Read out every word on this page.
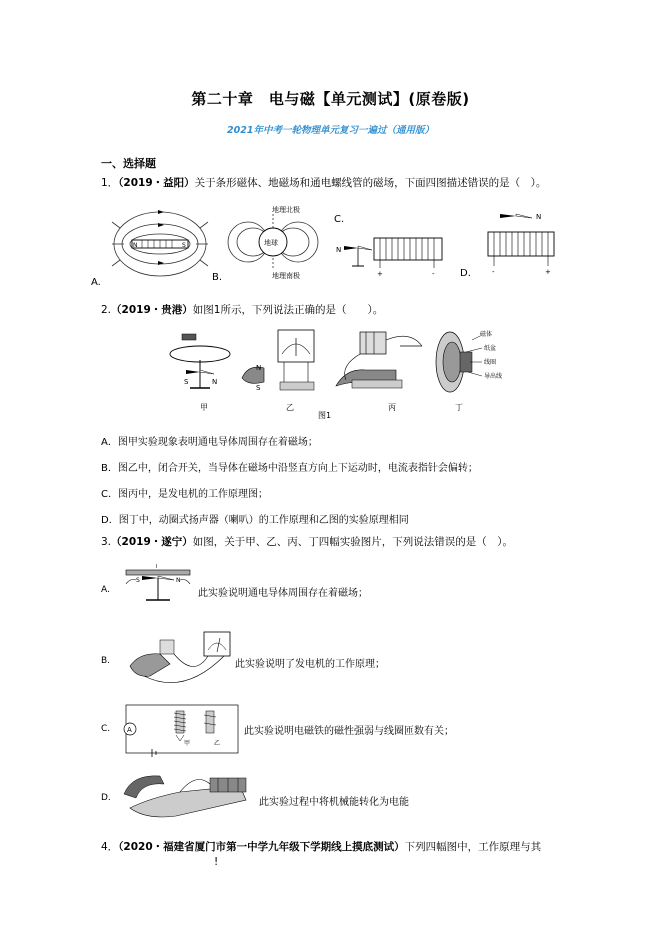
第二十章　电与磁【单元测试】(原卷版)
2021年中考一轮物理单元复习一遍过（通用版）
一、选择题
1．（2019・益阳）关于条形磁体、地磁场和通电螺线管的磁场，下面四图描述错误的是（　）。
N	S
A.
地球
地理北极
地理南极
B.
C.
N
+	-
N
-	+
D.
2.（2019・贵港）如图1所示，下列说法正确的是（　　）。
S	N
N
S
磁体
纸盆
线圈
导出线
甲	乙	丙	丁
图1
A．图甲实验现象表明通电导体周围存在着磁场；
B．图乙中，闭合开关，当导体在磁场中沿竖直方向上下运动时，电流表指针会偏转；
C．图丙中，是发电机的工作原理图；
D．图丁中，动圈式扬声器（喇叭）的工作原理和乙图的实验原理相同
3.（2019・遂宁）如图，关于甲、乙、丙、丁四幅实验图片，下列说法错误的是（　）。
A.
I
S	N
此实验说明通电导体周围存在着磁场；
B.	此实验说明了发电机的工作原理；
C. A
甲	乙
此实验说明电磁铁的磁性强弱与线圈匝数有关；
D.	此实验过程中将机械能转化为电能
4．（2020・福建省厦门市第一中学九年级下学期线上摸底测试）下列四幅图中，工作原理与其
!
